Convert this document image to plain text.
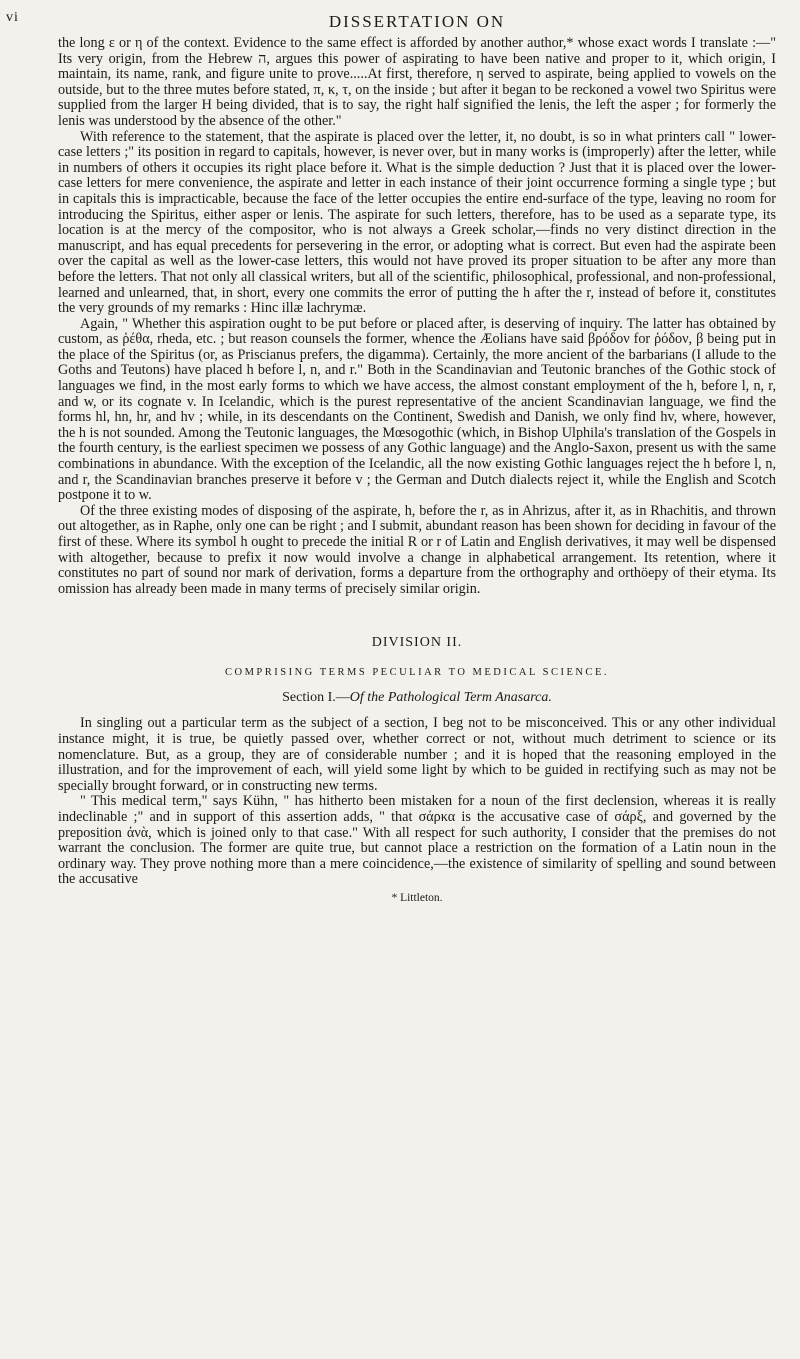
vi	DISSERTATION ON

the long ε or η of the context. Evidence to the same effect is afforded by another author,* whose exact words I translate :—" Its very origin, from the Hebrew ה, argues this power of aspirating to have been native and proper to it, which origin, I maintain, its name, rank, and figure unite to prove.....At first, therefore, η served to aspirate, being applied to vowels on the outside, but to the three mutes before stated, π, κ, τ, on the inside ; but after it began to be reckoned a vowel two Spiritus were supplied from the larger H being divided, that is to say, the right half signified the lenis, the left the asper ; for formerly the lenis was understood by the absence of the other."

With reference to the statement, that the aspirate is placed over the letter, it, no doubt, is so in what printers call " lower-case letters ;" its position in regard to capitals, however, is never over, but in many works is (improperly) after the letter, while in numbers of others it occupies its right place before it. What is the simple deduction ? Just that it is placed over the lower-case letters for mere convenience, the aspirate and letter in each instance of their joint occurrence forming a single type ; but in capitals this is impracticable, because the face of the letter occupies the entire end-surface of the type, leaving no room for introducing the Spiritus, either asper or lenis. The aspirate for such letters, therefore, has to be used as a separate type, its location is at the mercy of the compositor, who is not always a Greek scholar,—finds no very distinct direction in the manuscript, and has equal precedents for persevering in the error, or adopting what is correct. But even had the aspirate been over the capital as well as the lower-case letters, this would not have proved its proper situation to be after any more than before the letters. That not only all classical writers, but all of the scientific, philosophical, professional, and non-professional, learned and unlearned, that, in short, every one commits the error of putting the h after the r, instead of before it, constitutes the very grounds of my remarks : Hinc illæ lachrymæ.

Again, " Whether this aspiration ought to be put before or placed after, is deserving of inquiry. The latter has obtained by custom, as ῥέθα, rheda, etc. ; but reason counsels the former, whence the Æolians have said βρόδον for ῥόδον, β being put in the place of the Spiritus (or, as Priscianus prefers, the digamma). Certainly, the more ancient of the barbarians (I allude to the Goths and Teutons) have placed h before l, n, and r." Both in the Scandinavian and Teutonic branches of the Gothic stock of languages we find, in the most early forms to which we have access, the almost constant employment of the h, before l, n, r, and w, or its cognate v. In Icelandic, which is the purest representative of the ancient Scandinavian language, we find the forms hl, hn, hr, and hv ; while, in its descendants on the Continent, Swedish and Danish, we only find hv, where, however, the h is not sounded. Among the Teutonic languages, the Mœsogothic (which, in Bishop Ulphila's translation of the Gospels in the fourth century, is the earliest specimen we possess of any Gothic language) and the Anglo-Saxon, present us with the same combinations in abundance. With the exception of the Icelandic, all the now existing Gothic languages reject the h before l, n, and r, the Scandinavian branches preserve it before v ; the German and Dutch dialects reject it, while the English and Scotch postpone it to w.

Of the three existing modes of disposing of the aspirate, h, before the r, as in Ahrizus, after it, as in Rhachitis, and thrown out altogether, as in Raphe, only one can be right ; and I submit, abundant reason has been shown for deciding in favour of the first of these. Where its symbol h ought to precede the initial R or r of Latin and English derivatives, it may well be dispensed with altogether, because to prefix it now would involve a change in alphabetical arrangement. Its retention, where it constitutes no part of sound nor mark of derivation, forms a departure from the orthography and orthöepy of their etyma. Its omission has already been made in many terms of precisely similar origin.

DIVISION II.
COMPRISING TERMS PECULIAR TO MEDICAL SCIENCE.
Section I.—Of the Pathological Term Anasarca.

In singling out a particular term as the subject of a section, I beg not to be misconceived. This or any other individual instance might, it is true, be quietly passed over, whether correct or not, without much detriment to science or its nomenclature. But, as a group, they are of considerable number ; and it is hoped that the reasoning employed in the illustration, and for the improvement of each, will yield some light by which to be guided in rectifying such as may not be specially brought forward, or in constructing new terms.

" This medical term," says Kühn, " has hitherto been mistaken for a noun of the first declension, whereas it is really indeclinable ;" and in support of this assertion adds, " that σάρκα is the accusative case of σάρξ, and governed by the preposition ἀνὰ, which is joined only to that case." With all respect for such authority, I consider that the premises do not warrant the conclusion. The former are quite true, but cannot place a restriction on the formation of a Latin noun in the ordinary way. They prove nothing more than a mere coincidence,—the existence of similarity of spelling and sound between the accusative

* Littleton.
